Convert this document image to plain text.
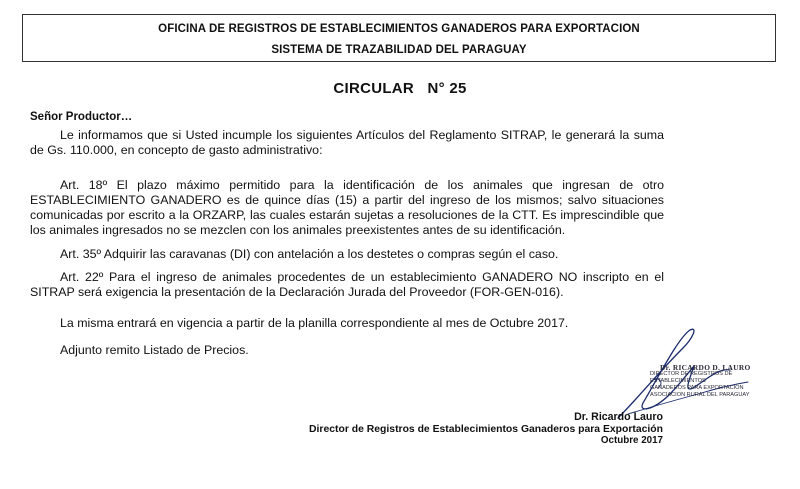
OFICINA DE REGISTROS DE ESTABLECIMIENTOS GANADEROS PARA EXPORTACION
SISTEMA DE TRAZABILIDAD DEL PARAGUAY
CIRCULAR   N° 25
Señor Productor…
Le informamos que si Usted incumple los siguientes Artículos del Reglamento SITRAP, le generará la suma de Gs. 110.000, en concepto de gasto administrativo:
Art. 18º El plazo máximo permitido para la identificación de los animales que ingresan de otro ESTABLECIMIENTO GANADERO es de quince días (15) a partir del ingreso de los mismos; salvo situaciones comunicadas por escrito a la ORZARP, las cuales estarán sujetas a resoluciones de la CTT. Es imprescindible que los animales ingresados no se mezclen con los animales preexistentes antes de su identificación.
Art. 35º Adquirir las caravanas (DI) con antelación a los destetes o compras según el caso.
Art. 22º Para el ingreso de animales procedentes de un establecimiento GANADERO NO inscripto en el SITRAP será exigencia la presentación de la Declaración Jurada del Proveedor (FOR-GEN-016).
La misma entrará en vigencia a partir de la planilla correspondiente al mes de Octubre 2017.
Adjunto remito Listado de Precios.
Dr. RICARDO D. LAURO
DIRECTOR DE REGISTROS DE ESTABLECIMIENTOS
GANADEROS PARA EXPORTACION
ASOCIACION RURAL DEL PARAGUAY
Dr. Ricardo Lauro
Director de Registros de Establecimientos Ganaderos para Exportación
Octubre 2017
